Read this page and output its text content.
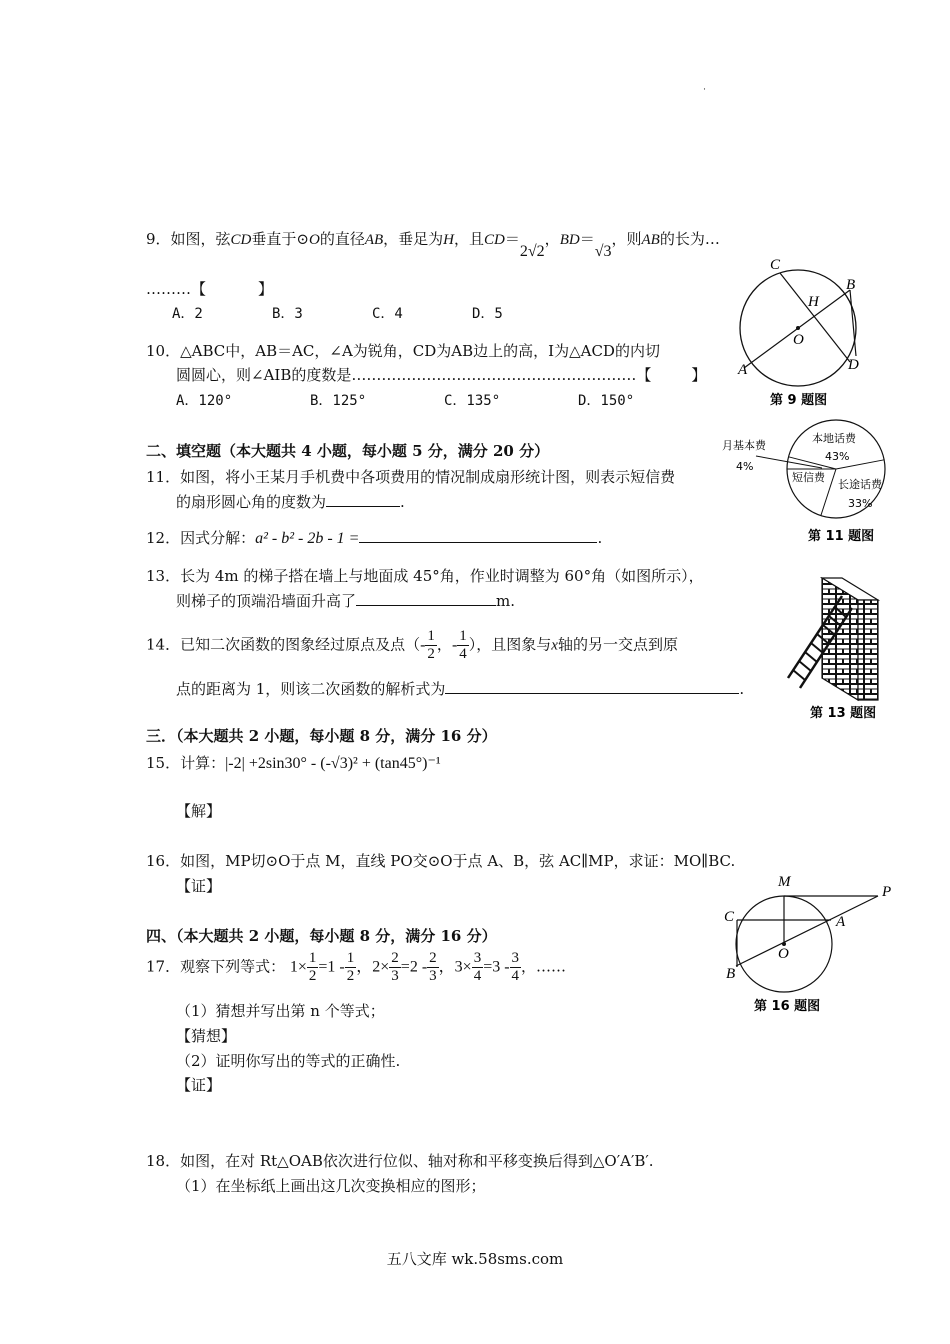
˙
9．如图，弦CD垂直于⊙O的直径AB，垂足为H，且CD＝2√2，BD＝√3，则AB的长为…
………【	】
A．2	B．3	C．4	D．5
C
B
H
O
A	D
第 9 题图
10．△ABC中，AB＝AC，∠A为锐角，CD为AB边上的高，I为△ACD的内切
圆圆心，则∠AIB的度数是…………………………………………………【	】
A．120°	B．125°	C．135°	D．150°
二、填空题（本大题共 4 小题，每小题 5 分，满分 20 分）
11．如图，将小王某月手机费中各项费用的情况制成扇形统计图，则表示短信费
的扇形圆心角的度数为	.
本地话费
43%
长途话费
33%
短信费
月基本费
4%
第 11 题图
12．因式分解：a² - b² - 2b - 1 =	.
13．长为 4m 的梯子搭在墙上与地面成 45°角，作业时调整为 60°角（如图所示），
则梯子的顶端沿墙面升高了	m.
第 13 题图
14．已知二次函数的图象经过原点及点（- $\frac{1}{2}$ ，- $\frac{1}{4}$ ），且图象与x轴的另一交点到原
点的距离为 1，则该二次函数的解析式为	.
三．（本大题共 2 小题，每小题 8 分，满分 16 分）
15．计算：|-2| +2sin30° - (-√3)² + (tan45°)⁻¹
【解】
16．如图，MP切⊙O于点 M，直线 PO交⊙O于点 A、B，弦 AC∥MP，求证：MO∥BC.
【证】	M
P
C	A
O
B
第 16 题图
四、（本大题共 2 小题，每小题 8 分，满分 16 分）
17．观察下列等式： $1\times \frac{1}{2} =1 - \frac{1}{2}$ ，$2\times \frac{2}{3} =2 - \frac{2}{3}$ ，$3\times \frac{3}{4} =3 - \frac{3}{4}$ ，……
（1）猜想并写出第 n 个等式；
【猜想】
（2）证明你写出的等式的正确性.
【证】
18．如图，在对 Rt△OAB依次进行位似、轴对称和平移变换后得到△O′A′B′.
（1）在坐标纸上画出这几次变换相应的图形；
五八文库 wk.58sms.com
